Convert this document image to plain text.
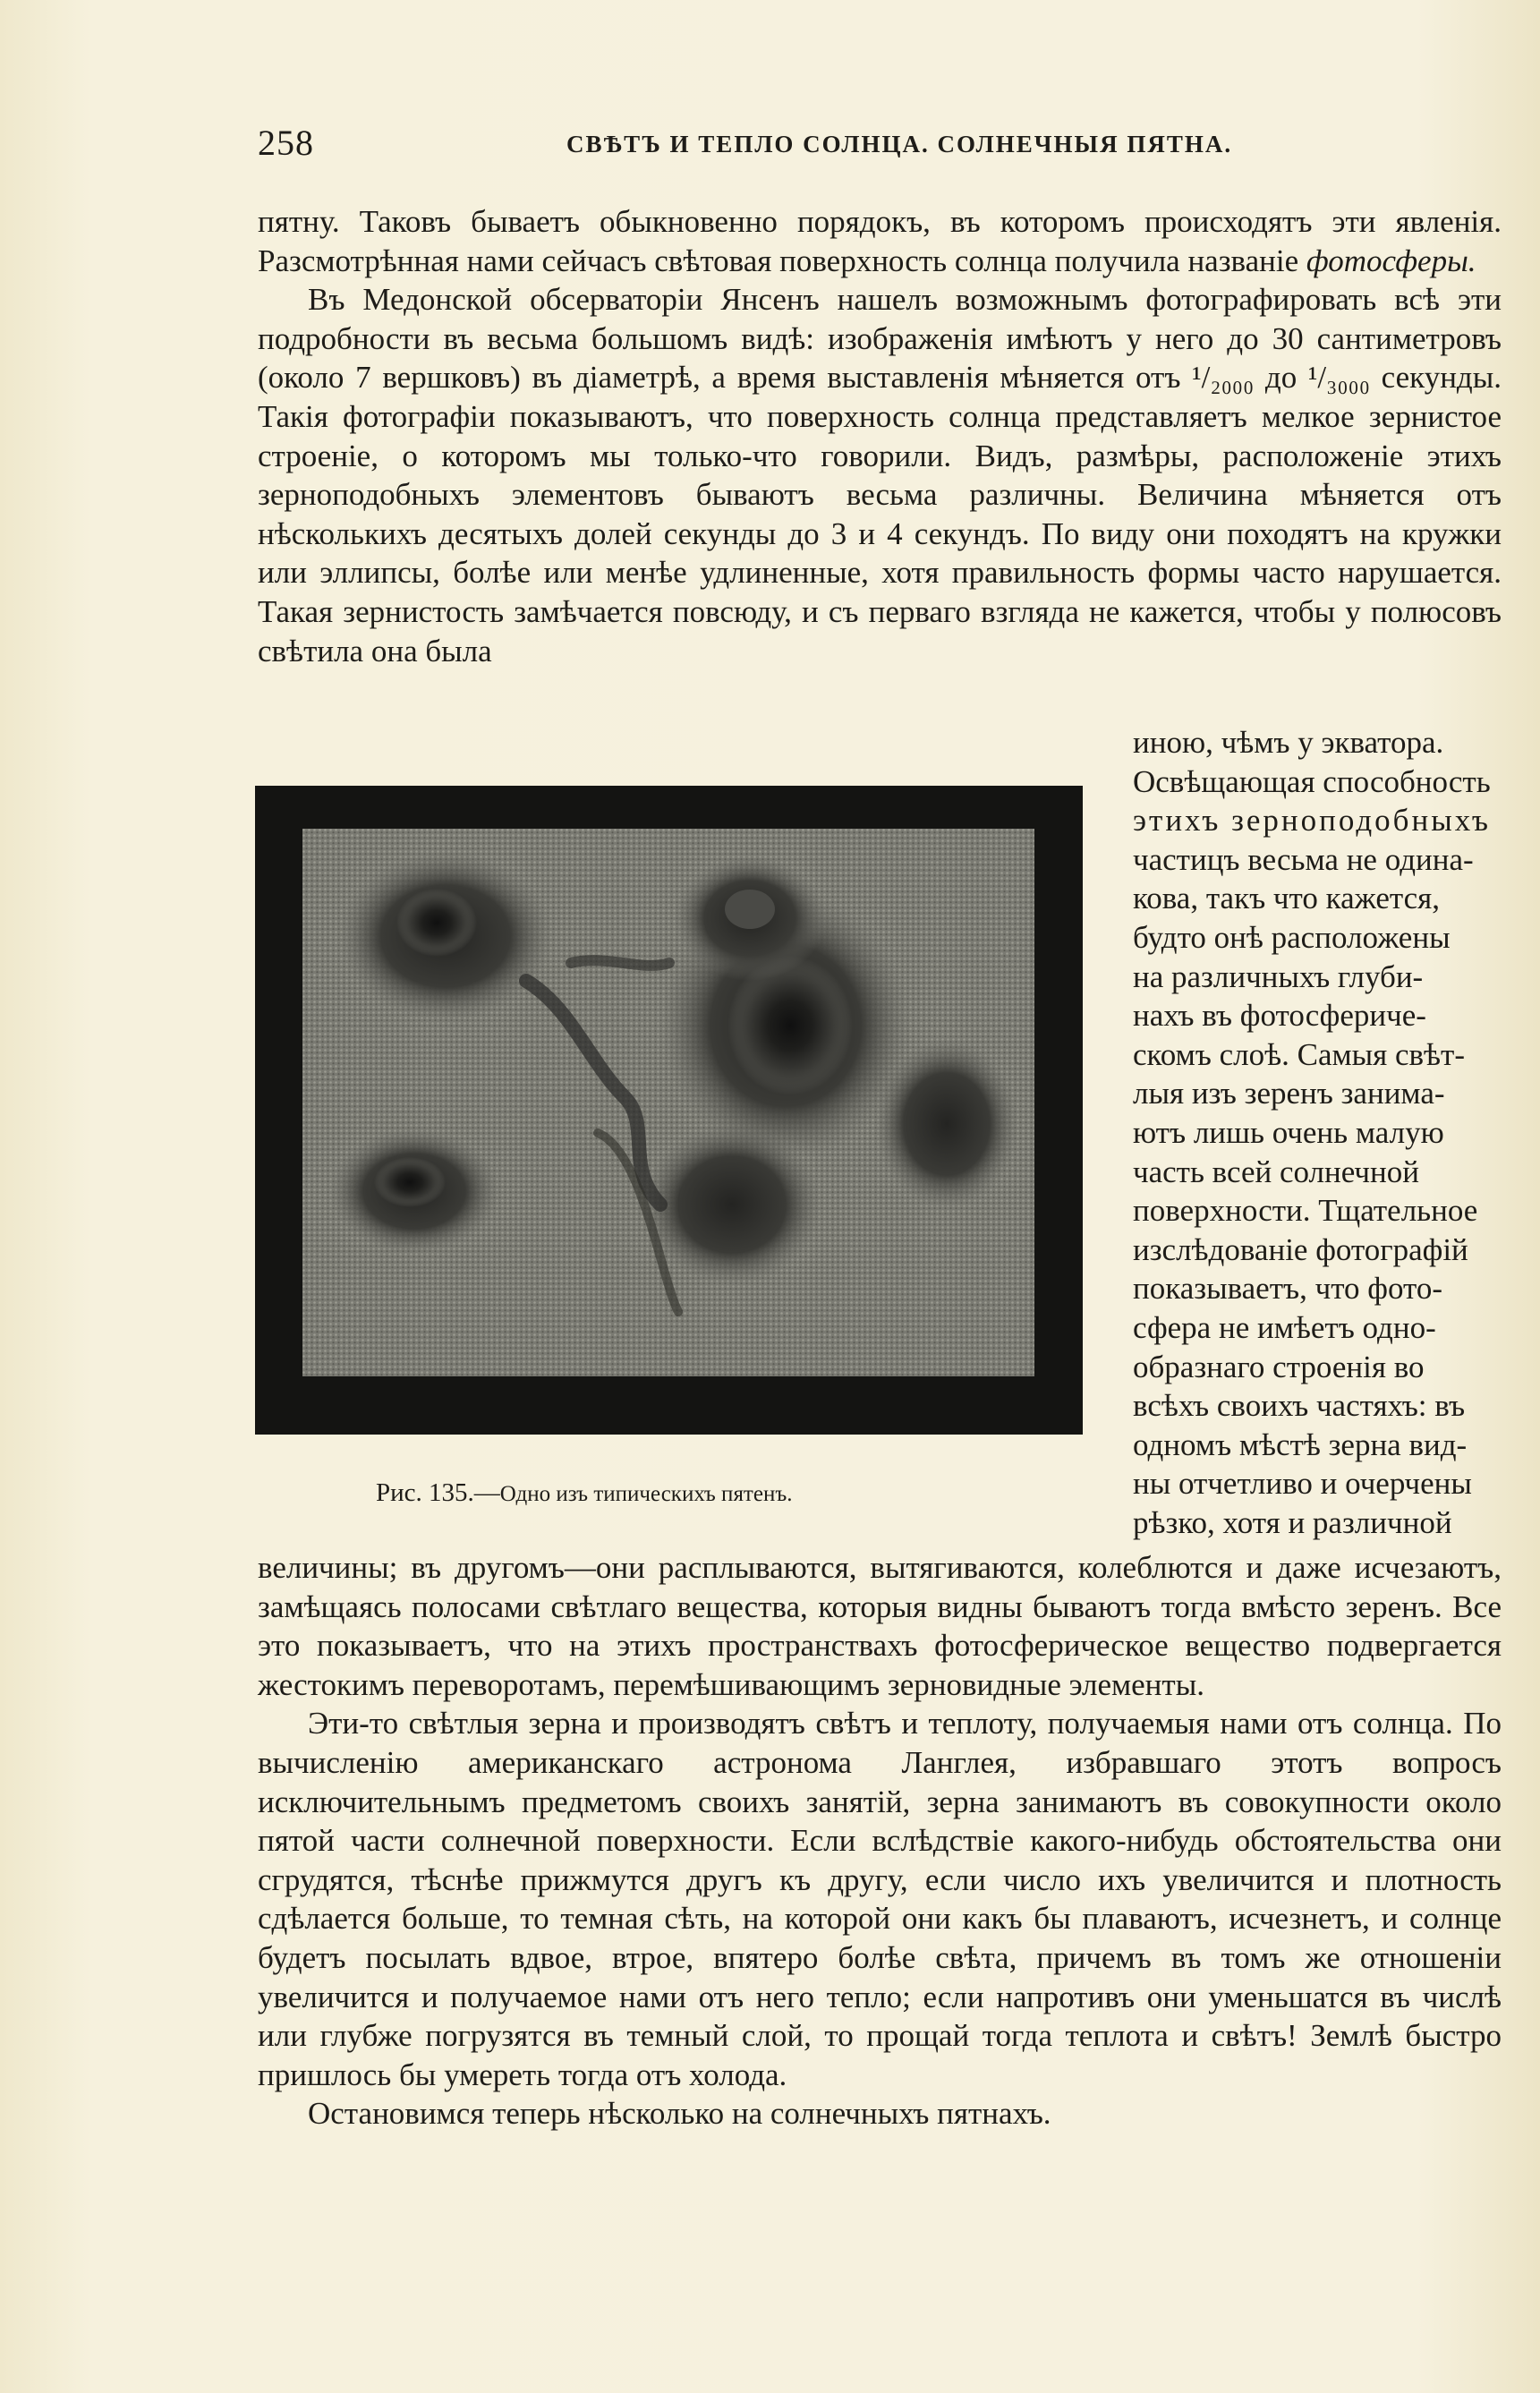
258	СВѢТЪ И ТЕПЛО СОЛНЦА. СОЛНЕЧНЫЯ ПЯТНА.

пятну. Таковъ бываетъ обыкновенно порядокъ, въ которомъ происходятъ эти явленія. Разсмотрѣнная нами сейчасъ свѣтовая поверхность солнца получила названіе фотосферы.

Въ Медонской обсерваторіи Янсенъ нашелъ возможнымъ фотографировать всѣ эти подробности въ весьма большомъ видѣ: изображенія имѣютъ у него до 30 сантиметровъ (около 7 вершковъ) въ діаметрѣ, а время выставленія мѣняется отъ ¹/₂₀₀₀ до ¹/₃₀₀₀ секунды. Такія фотографіи показываютъ, что поверхность солнца представляетъ мелкое зернистое строеніе, о которомъ мы только-что говорили. Видъ, размѣры, расположеніе этихъ зерноподобныхъ элементовъ бываютъ весьма различны. Величина мѣняется отъ нѣсколькихъ десятыхъ долей секунды до 3 и 4 секундъ. По виду они походятъ на кружки или эллипсы, болѣе или менѣе удлиненные, хотя правильность формы часто нарушается. Такая зернистость замѣчается повсюду, и съ перваго взгляда не кажется, чтобы у полюсовъ свѣтила она была

иною, чѣмъ у экватора.
Освѣщающая способность
этихъ зерноподобныхъ
частицъ весьма не одина-
кова, такъ что кажется,
будто онѣ расположены
на различныхъ глуби-
нахъ въ фотосфериче-
скомъ слоѣ. Самыя свѣт-
лыя изъ зеренъ занима-
ютъ лишь очень малую
часть всей солнечной
поверхности. Тщательное
изслѣдованіе фотографій
показываетъ, что фото-
сфера не имѣетъ одно-
образнаго строенія во
всѣхъ своихъ частяхъ: въ
одномъ мѣстѣ зерна вид-
ны отчетливо и очерчены
рѣзко, хотя и различной
Рис. 135.—Одно изъ типическихъ пятенъ.

величины; въ другомъ—они расплываются, вытягиваются, колеблются и даже исчезаютъ, замѣщаясь полосами свѣтлаго вещества, которыя видны бываютъ тогда вмѣсто зеренъ. Все это показываетъ, что на этихъ пространствахъ фотосферическое вещество подвергается жестокимъ переворотамъ, перемѣшивающимъ зерновидные элементы.

Эти-то свѣтлыя зерна и производятъ свѣтъ и теплоту, получаемыя нами отъ солнца. По вычисленію американскаго астронома Ланглея, избравшаго этотъ вопросъ исключительнымъ предметомъ своихъ занятій, зерна занимаютъ въ совокупности около пятой части солнечной поверхности. Если вслѣдствіе какого-нибудь обстоятельства они сгрудятся, тѣснѣе прижмутся другъ къ другу, если число ихъ увеличится и плотность сдѣлается больше, то темная сѣть, на которой они какъ бы плаваютъ, исчезнетъ, и солнце будетъ посылать вдвое, втрое, впятеро болѣе свѣта, причемъ въ томъ же отношеніи увеличится и получаемое нами отъ него тепло; если напротивъ они уменьшатся въ числѣ или глубже погрузятся въ темный слой, то прощай тогда теплота и свѣтъ! Землѣ быстро пришлось бы умереть тогда отъ холода.

Остановимся теперь нѣсколько на солнечныхъ пятнахъ.
